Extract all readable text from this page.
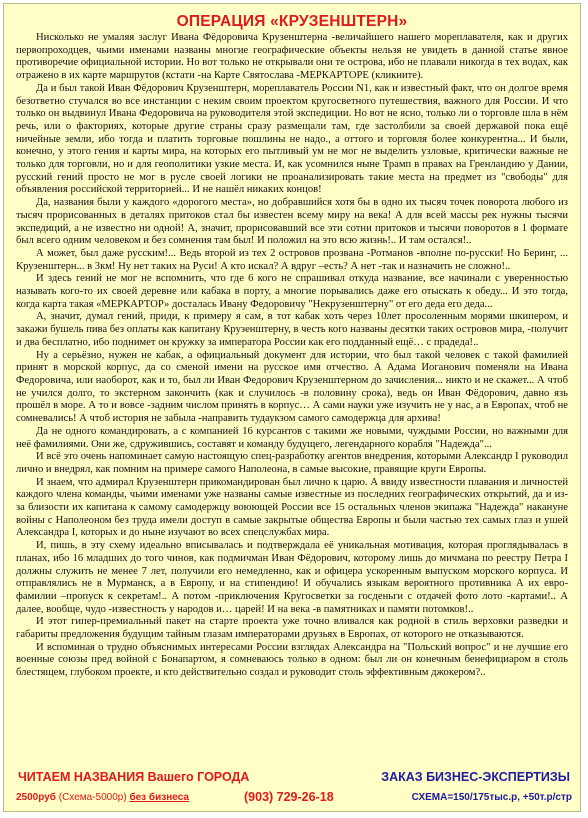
ОПЕРАЦИЯ «КРУЗЕНШТЕРН»

Нисколько не умаляя заслуг Ивана Фёдоровича Крузенштерна -величайшего нашего мореплавателя, как и других первопроходцев, чьими именами названы многие географические объекты нельзя не увидеть в данной статье явное противоречие официальной истории. Но вот только не открывали они те острова, ибо не плавали никогда в тех водах, как отражено в их карте маршрутов (кстати -на Карте Святослава -МЕРКАРТОРЕ (кликните).

Да и был такой Иван Фёдорович Крузенштерн, мореплаватель России N1, как и известный факт, что он долгое время безответно стучался во все инстанции с неким своим проектом кругосветного путешествия, важного для России. И что только он выдвинул Ивана Федоровича на руководителя этой экспедиции. Но вот не ясно, только ли о торговле шла в нём речь, или о факториях, которые другие страны сразу размещали там, где застолбили за своей державой пока ещё ничейные земли, ибо тогда и платить торговые пошлины не надо., а оттого и торговля более конкурентна... И были, конечно, у этого гения и карты мира, на которых его пытливый ум не мог не выделить узловые, критически важные не только для торговли, но и для геополитики узкие места. И, как усомнился ныне Трамп в правах на Гренландию у Дании, русский гений просто не мог в русле своей логики не проанализировать такие места на предмет из "свободы" для объявления российской территорией... И не нашёл никаких концов!

Да, названия были у каждого «дорогого места», но добравшийся хотя бы в одно их тысяч точек поворота любого из тысяч прорисованных в деталях притоков стал бы известен всему миру на века! А для всей массы рек нужны тысячи экспедиций, а не известно ни одной! А, значит, прорисовавший все эти сотни притоков и тысячи поворотов в 1 формате был всего одним человеком и без сомнения там был! И положил на это всю жизнь!.. И там остался!..

А может, был даже русским!... Ведь второй из тех 2 островов прозвана -Ротманов -вполне по-русски! Но Беринг, ... Крузенштерн... в 3км! Ну нет таких на Руси! А кто искал? А вдруг –есть? А нет -так и назначить не сложно!..

И здесь гений не мог не вспомнить, что где 6 кого не спрашивал откуда название, все начинали с уверенностью называть кого-то их своей деревне или кабака в порту, а многие порывались даже его отыскать к обеду... И это тогда, когда карта такая «МЕРКАРТОР» досталась Ивану Федоровичу "Некрузенштерну" от его деда его деда...

А, значит, думал гений, приди, к примеру я сам, в тот кабак хоть через 10лет просоленным морями шкипером, и закажи бушель пива без оплаты как капитану Крузенштерну, в честь кого названы десятки таких островов мира, -получит и два бесплатно, ибо поднимет он кружку за императора России как его подданный ещё… с прадеда!..

Ну а серьёзно, нужен не кабак, а официальный документ для истории, что был такой человек с такой фамилией принят в морской корпус, да со сменой имени на русское имя отчество. А Адама Иоганович поменяли на Ивана Федоровича, или наоборот, как и то, был ли Иван Федорович Крузенштерном до зачисления... никто и не скажет... А чтоб не учился долго, то экстерном закончить (как и случилось -в половину срока), ведь он Иван Фёдорович, давно язь прошёл в море. А то и вовсе -задним числом принять в корпус… А сами науки уже изучить не у нас, а в Европах, чтоб не сомневались! А чтоб история не забыла -направить тудаукзом самого самодержца для архива!

Да не одного командировать, а с компанией 16 курсантов с такими же новыми, чуждыми России, но важными для неё фамилиями. Они же, сдружившись, составят и команду будущего, легендарного корабля "Надежда"...

И всё это очень напоминает самую настоящую спец-разработку агентов внедрения, которыми Александр I руководил лично и внедрял, как помним на примере самого Наполеона, в самые высокие, правящие круги Европы.

И знаем, что адмирал Крузенштерн прикомандирован был лично к царю. А ввиду известности плавания и личностей каждого члена команды, чьими именами уже названы самые известные из последних географических открытий, да и из-за близости их капитана к самому самодержцу воюющей России все 15 остальных членов экипажа "Надежда" накануне войны с Наполеоном без труда имели доступ в самые закрытые общества Европы и были частью тех самых глаз и ушей Александра I, которых и до ныне изучают во всех спецслужбах мира.

И, пишь, в эту схему идеально вписывалась и подтверждала её уникальная мотивация, которая проглядывалась в планах, ибо 16 младших до того чинов, как подмичман Иван Фёдорович, которому лишь до мичмана по реестру Петра I должны служить не менее 7 лет, получили его немедленно, как и офицера ускоренным выпуском морского корпуса. И отправлялись не в Мурманск, а в Европу, и на стипендию! И обучались языкам вероятного противника А их евро-фамилии –пропуск к секретам!.. А потом -приключения Кругосветки за гоcденьги с отдачей фото лото -картами!.. А далее, вообще, чудо -известность у народов и… царей! И на века -в памятниках и памяти потомков!..

И этот гипер-премиальный пакет на старте проекта уже точно вливался как родной в стиль верховки разведки и габариты предложения будущим тайным глазам императорами друзьях в Европах, от которого не отказываются.

И вспоминая о трудно объяснимых интересами России взглядах Александра на "Польский вопрос" и не лучшие его военные союзы пред войной с Бонапартом, я сомневаюсь только в одном: был ли он конечным бенефициаром в столь блестящем, глубоком проекте, и кто действительно создал и руководит столь эффективным джокером?..

ЧИТАЕМ НАЗВАНИЯ Вашего ГОРОДА	ЗАКАЗ БИЗНЕС-ЭКСПЕРТИЗЫ
2500руб (Схема-5000р) без бизнеса	(903) 729-26-18	СХЕМА=150/175тыс.р, +50т.р/стр
